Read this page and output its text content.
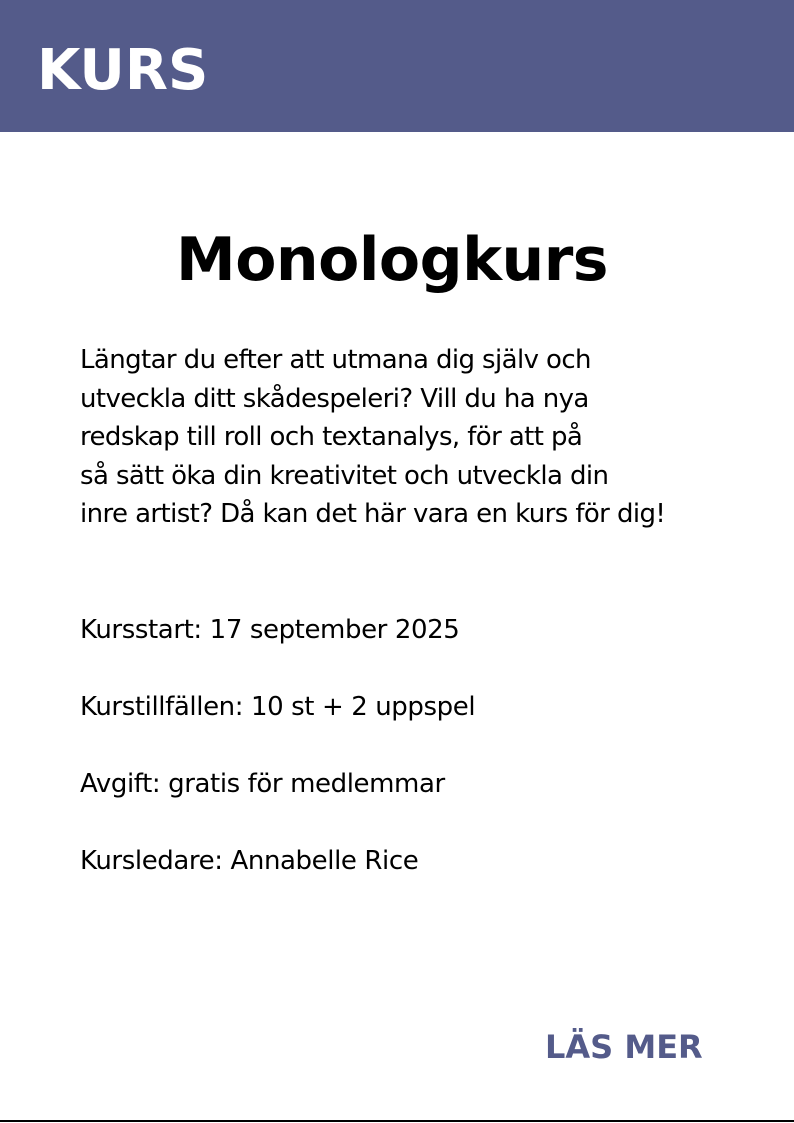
KURS
Monologkurs
Längtar du efter att utmana dig själv och
utveckla ditt skådespeleri? Vill du ha nya
redskap till roll och textanalys, för att på
så sätt öka din kreativitet och utveckla din
inre artist? Då kan det här vara en kurs för dig!
Kursstart: 17 september 2025
Kurstillfällen: 10 st + 2 uppspel
Avgift: gratis för medlemmar
Kursledare: Annabelle Rice
LÄS MER
